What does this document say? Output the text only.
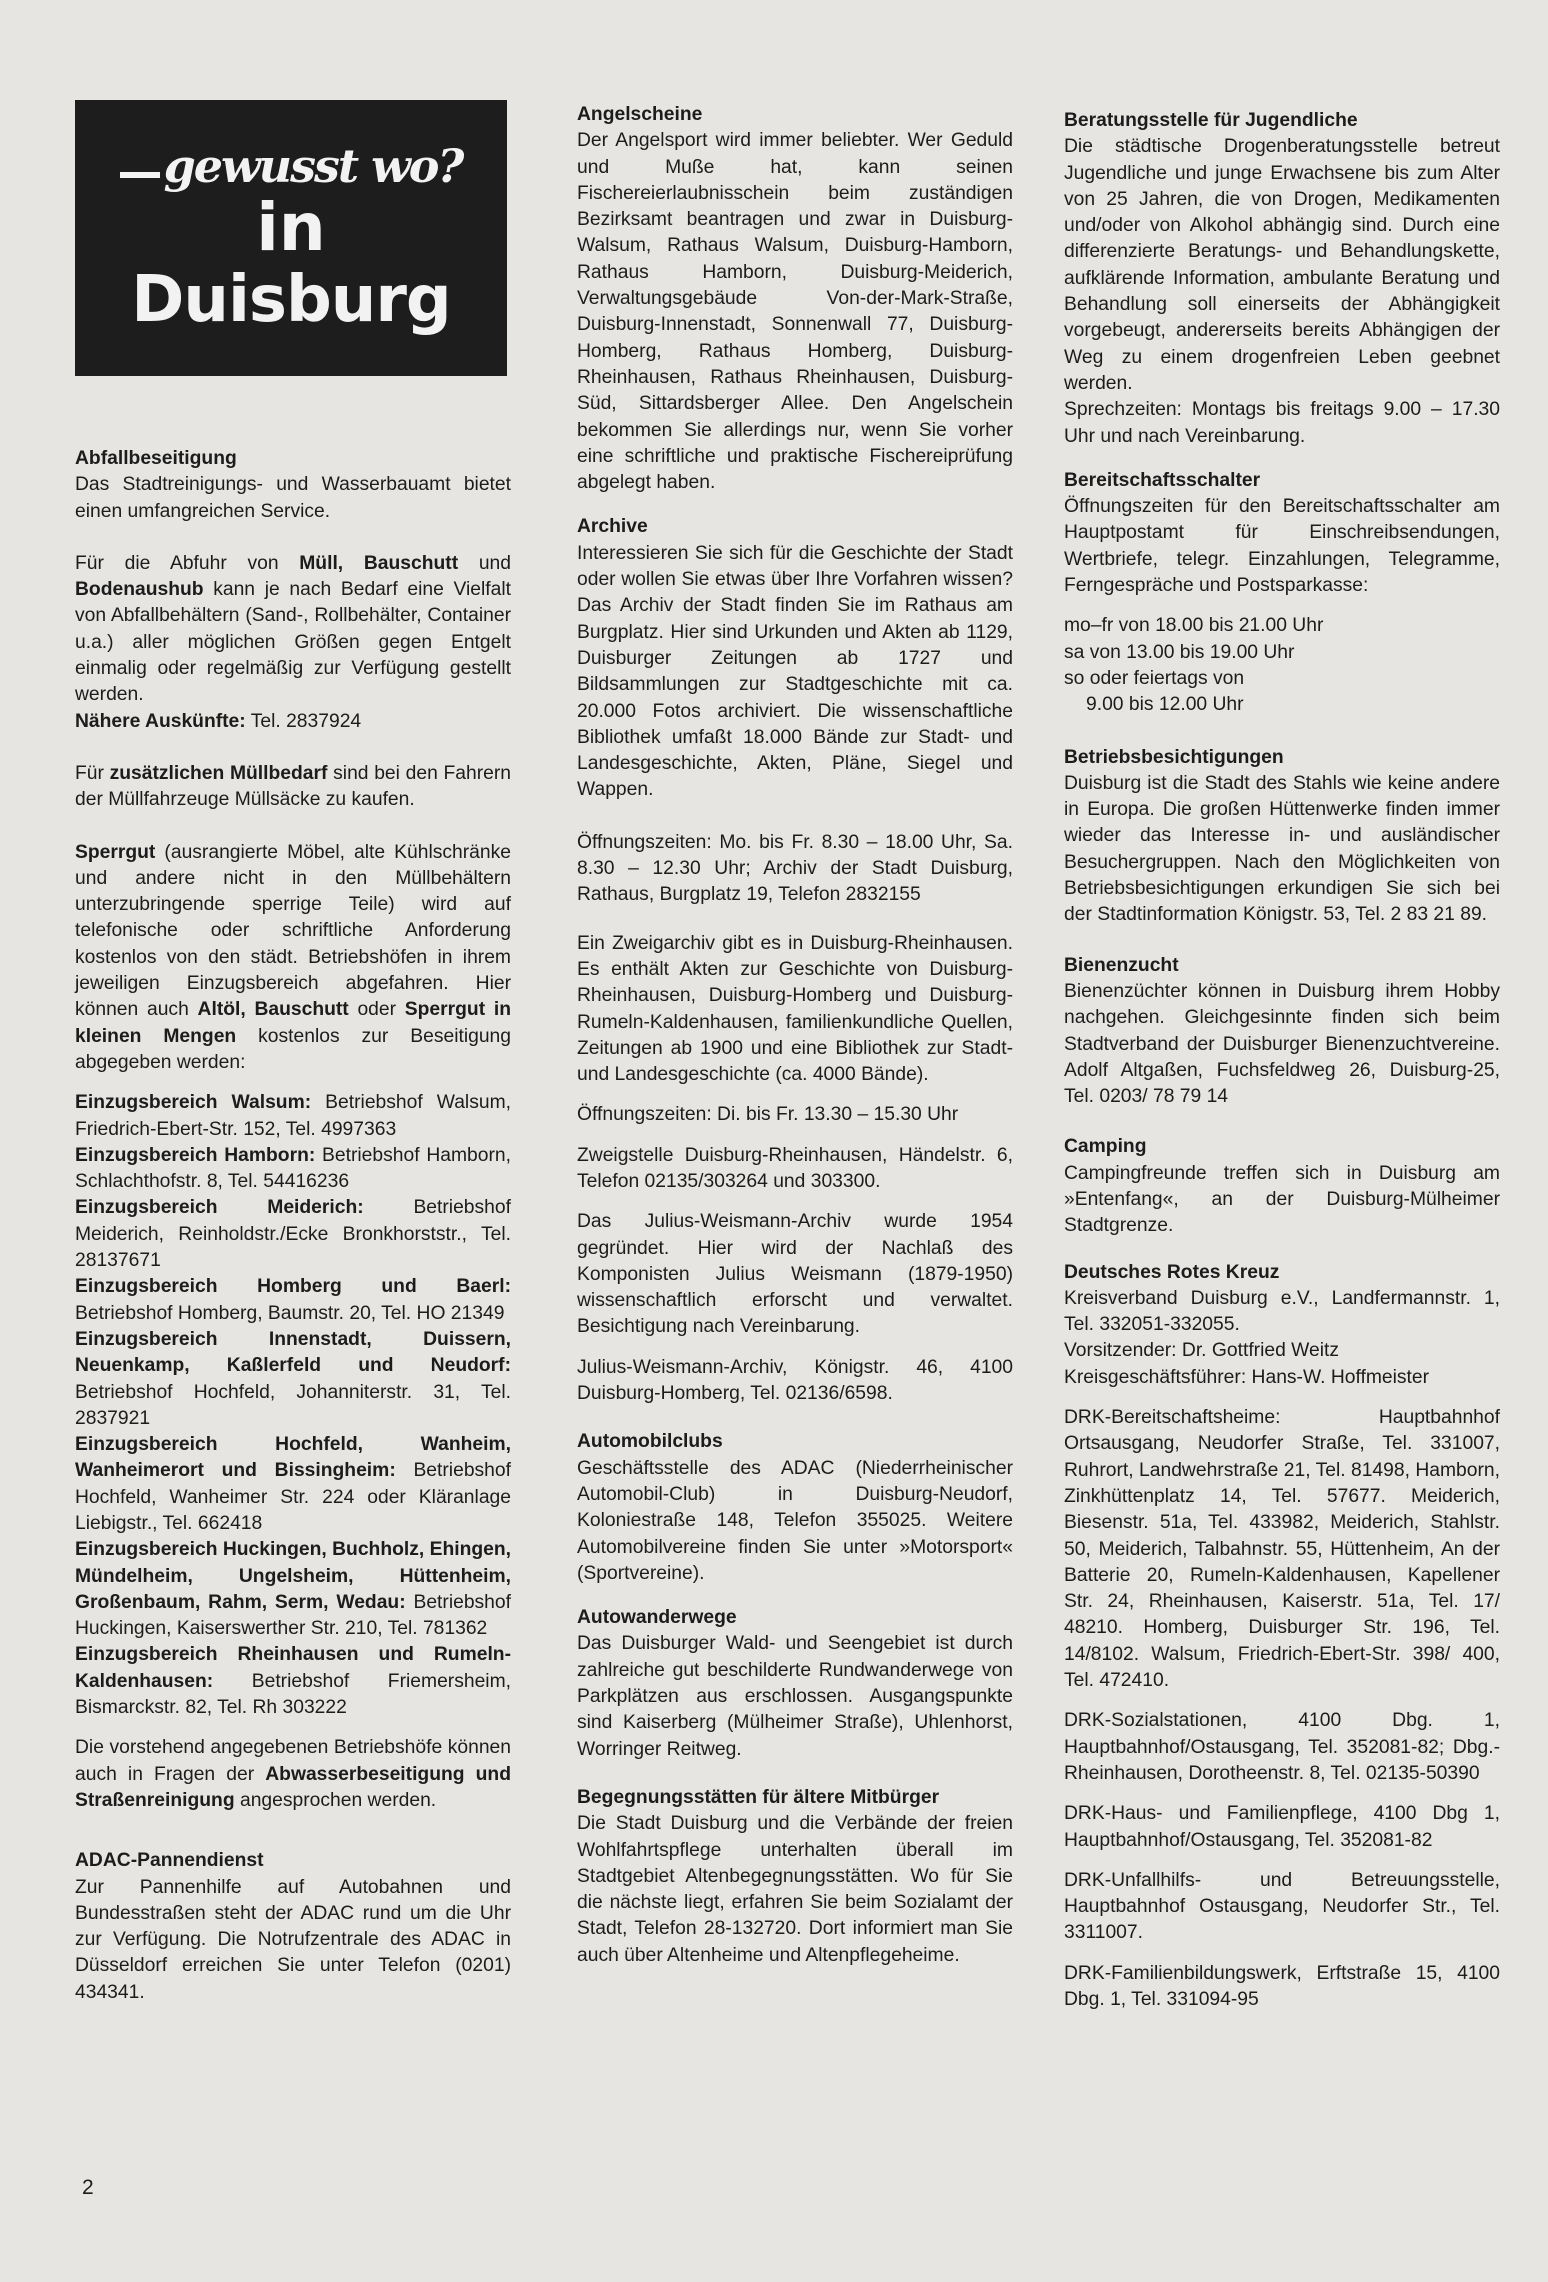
gewusst wo?
in
Duisburg
Abfallbeseitigung

Das Stadtreinigungs- und Wasserbauamt bietet einen umfangreichen Service.

Für die Abfuhr von Müll, Bauschutt und Bodenaushub kann je nach Bedarf eine Vielfalt von Abfallbehältern (Sand-, Rollbehälter, Container u.a.) aller möglichen Größen gegen Entgelt einmalig oder regelmäßig zur Verfügung gestellt werden.

Nähere Auskünfte: Tel. 2837924

Für zusätzlichen Müllbedarf sind bei den Fahrern der Müllfahrzeuge Müllsäcke zu kaufen.

Sperrgut (ausrangierte Möbel, alte Kühlschränke und andere nicht in den Müllbehältern unterzubringende sperrige Teile) wird auf telefonische oder schriftliche Anforderung kostenlos von den städt. Betriebshöfen in ihrem jeweiligen Einzugsbereich abgefahren. Hier können auch Altöl, Bauschutt oder Sperrgut in kleinen Mengen kostenlos zur Beseitigung abgegeben werden:

Einzugsbereich Walsum: Betriebshof Walsum, Friedrich-Ebert-Str. 152, Tel. 4997363

Einzugsbereich Hamborn: Betriebshof Hamborn, Schlachthofstr. 8, Tel. 54416236

Einzugsbereich Meiderich: Betriebshof Meiderich, Reinholdstr./Ecke Bronkhorststr., Tel. 28137671

Einzugsbereich Homberg und Baerl: Betriebshof Homberg, Baumstr. 20, Tel. HO 21349

Einzugsbereich Innenstadt, Duissern, Neuenkamp, Kaßlerfeld und Neudorf: Betriebshof Hochfeld, Johanniterstr. 31, Tel. 2837921

Einzugsbereich Hochfeld, Wanheim, Wanheimerort und Bissingheim: Betriebshof Hochfeld, Wanheimer Str. 224 oder Kläranlage Liebigstr., Tel. 662418

Einzugsbereich Huckingen, Buchholz, Ehingen, Mündelheim, Ungelsheim, Hüttenheim, Großenbaum, Rahm, Serm, Wedau: Betriebshof Huckingen, Kaiserswerther Str. 210, Tel. 781362

Einzugsbereich Rheinhausen und Rumeln-Kaldenhausen: Betriebshof Friemersheim, Bismarckstr. 82, Tel. Rh 303222

Die vorstehend angegebenen Betriebshöfe können auch in Fragen der Abwasserbeseitigung und Straßenreinigung angesprochen werden.

ADAC-Pannendienst

Zur Pannenhilfe auf Autobahnen und Bundesstraßen steht der ADAC rund um die Uhr zur Verfügung. Die Notrufzentrale des ADAC in Düsseldorf erreichen Sie unter Telefon (0201) 434341.

Angelscheine

Der Angelsport wird immer beliebter. Wer Geduld und Muße hat, kann seinen Fischereierlaubnisschein beim zuständigen Bezirksamt beantragen und zwar in Duisburg-Walsum, Rathaus Walsum, Duisburg-Hamborn, Rathaus Hamborn, Duisburg-Meiderich, Verwaltungsgebäude Von-der-Mark-Straße, Duisburg-Innenstadt, Sonnenwall 77, Duisburg-Homberg, Rathaus Homberg, Duisburg-Rheinhausen, Rathaus Rheinhausen, Duisburg-Süd, Sittardsberger Allee. Den Angelschein bekommen Sie allerdings nur, wenn Sie vorher eine schriftliche und praktische Fischereiprüfung abgelegt haben.

Archive

Interessieren Sie sich für die Geschichte der Stadt oder wollen Sie etwas über Ihre Vorfahren wissen? Das Archiv der Stadt finden Sie im Rathaus am Burgplatz. Hier sind Urkunden und Akten ab 1129, Duisburger Zeitungen ab 1727 und Bildsammlungen zur Stadtgeschichte mit ca. 20.000 Fotos archiviert. Die wissenschaftliche Bibliothek umfaßt 18.000 Bände zur Stadt- und Landesgeschichte, Akten, Pläne, Siegel und Wappen.

Öffnungszeiten: Mo. bis Fr. 8.30 – 18.00 Uhr, Sa. 8.30 – 12.30 Uhr; Archiv der Stadt Duisburg, Rathaus, Burgplatz 19, Telefon 2832155

Ein Zweigarchiv gibt es in Duisburg-Rheinhausen. Es enthält Akten zur Geschichte von Duisburg-Rheinhausen, Duisburg-Homberg und Duisburg-Rumeln-Kaldenhausen, familienkundliche Quellen, Zeitungen ab 1900 und eine Bibliothek zur Stadt- und Landesgeschichte (ca. 4000 Bände).

Öffnungszeiten: Di. bis Fr. 13.30 – 15.30 Uhr

Zweigstelle Duisburg-Rheinhausen, Händelstr. 6, Telefon 02135/303264 und 303300.

Das Julius-Weismann-Archiv wurde 1954 gegründet. Hier wird der Nachlaß des Komponisten Julius Weismann (1879-1950) wissenschaftlich erforscht und verwaltet. Besichtigung nach Vereinbarung.

Julius-Weismann-Archiv, Königstr. 46, 4100 Duisburg-Homberg, Tel. 02136/6598.

Automobilclubs

Geschäftsstelle des ADAC (Niederrheinischer Automobil-Club) in Duisburg-Neudorf, Koloniestraße 148, Telefon 355025. Weitere Automobilvereine finden Sie unter »Motorsport« (Sportvereine).

Autowanderwege

Das Duisburger Wald- und Seengebiet ist durch zahlreiche gut beschilderte Rundwanderwege von Parkplätzen aus erschlossen. Ausgangspunkte sind Kaiserberg (Mülheimer Straße), Uhlenhorst, Worringer Reitweg.

Begegnungsstätten für ältere Mitbürger

Die Stadt Duisburg und die Verbände der freien Wohlfahrtspflege unterhalten überall im Stadtgebiet Altenbegegnungsstätten. Wo für Sie die nächste liegt, erfahren Sie beim Sozialamt der Stadt, Telefon 28-132720. Dort informiert man Sie auch über Altenheime und Altenpflegeheime.

Beratungsstelle für Jugendliche

Die städtische Drogenberatungsstelle betreut Jugendliche und junge Erwachsene bis zum Alter von 25 Jahren, die von Drogen, Medikamenten und/oder von Alkohol abhängig sind. Durch eine differenzierte Beratungs- und Behandlungskette, aufklärende Information, ambulante Beratung und Behandlung soll einerseits der Abhängigkeit vorgebeugt, andererseits bereits Abhängigen der Weg zu einem drogenfreien Leben geebnet werden.

Sprechzeiten: Montags bis freitags 9.00 – 17.30 Uhr und nach Vereinbarung.

Bereitschaftsschalter

Öffnungszeiten für den Bereitschaftsschalter am Hauptpostamt für Einschreibsendungen, Wertbriefe, telegr. Einzahlungen, Telegramme, Ferngespräche und Postsparkasse:

mo–fr von 18.00 bis 21.00 Uhr
sa von 13.00 bis 19.00 Uhr
so oder feiertags von
9.00 bis 12.00 Uhr
Betriebsbesichtigungen

Duisburg ist die Stadt des Stahls wie keine andere in Europa. Die großen Hüttenwerke finden immer wieder das Interesse in- und ausländischer Besuchergruppen. Nach den Möglichkeiten von Betriebsbesichtigungen erkundigen Sie sich bei der Stadtinformation Königstr. 53, Tel. 2 83 21 89.

Bienenzucht

Bienenzüchter können in Duisburg ihrem Hobby nachgehen. Gleichgesinnte finden sich beim Stadtverband der Duisburger Bienenzuchtvereine. Adolf Altgaßen, Fuchsfeldweg 26, Duisburg-25, Tel. 0203/ 78 79 14

Camping

Campingfreunde treffen sich in Duisburg am »Entenfang«, an der Duisburg-Mülheimer Stadtgrenze.

Deutsches Rotes Kreuz

Kreisverband Duisburg e.V., Landfermannstr. 1, Tel. 332051-332055.

Vorsitzender: Dr. Gottfried Weitz

Kreisgeschäftsführer: Hans-W. Hoffmeister

DRK-Bereitschaftsheime: Hauptbahnhof Ortsausgang, Neudorfer Straße, Tel. 331007, Ruhrort, Landwehrstraße 21, Tel. 81498, Hamborn, Zinkhüttenplatz 14, Tel. 57677. Meiderich, Biesenstr. 51a, Tel. 433982, Meiderich, Stahlstr. 50, Meiderich, Talbahnstr. 55, Hüttenheim, An der Batterie 20, Rumeln-Kaldenhausen, Kapellener Str. 24, Rheinhausen, Kaiserstr. 51a, Tel. 17/ 48210. Homberg, Duisburger Str. 196, Tel. 14/8102. Walsum, Friedrich-Ebert-Str. 398/ 400, Tel. 472410.

DRK-Sozialstationen, 4100 Dbg. 1, Hauptbahnhof/Ostausgang, Tel. 352081-82; Dbg.-Rheinhausen, Dorotheenstr. 8, Tel. 02135-50390

DRK-Haus- und Familienpflege, 4100 Dbg 1, Hauptbahnhof/Ostausgang, Tel. 352081-82

DRK-Unfallhilfs- und Betreuungsstelle, Hauptbahnhof Ostausgang, Neudorfer Str., Tel. 3311007.

DRK-Familienbildungswerk, Erftstraße 15, 4100 Dbg. 1, Tel. 331094-95

2
